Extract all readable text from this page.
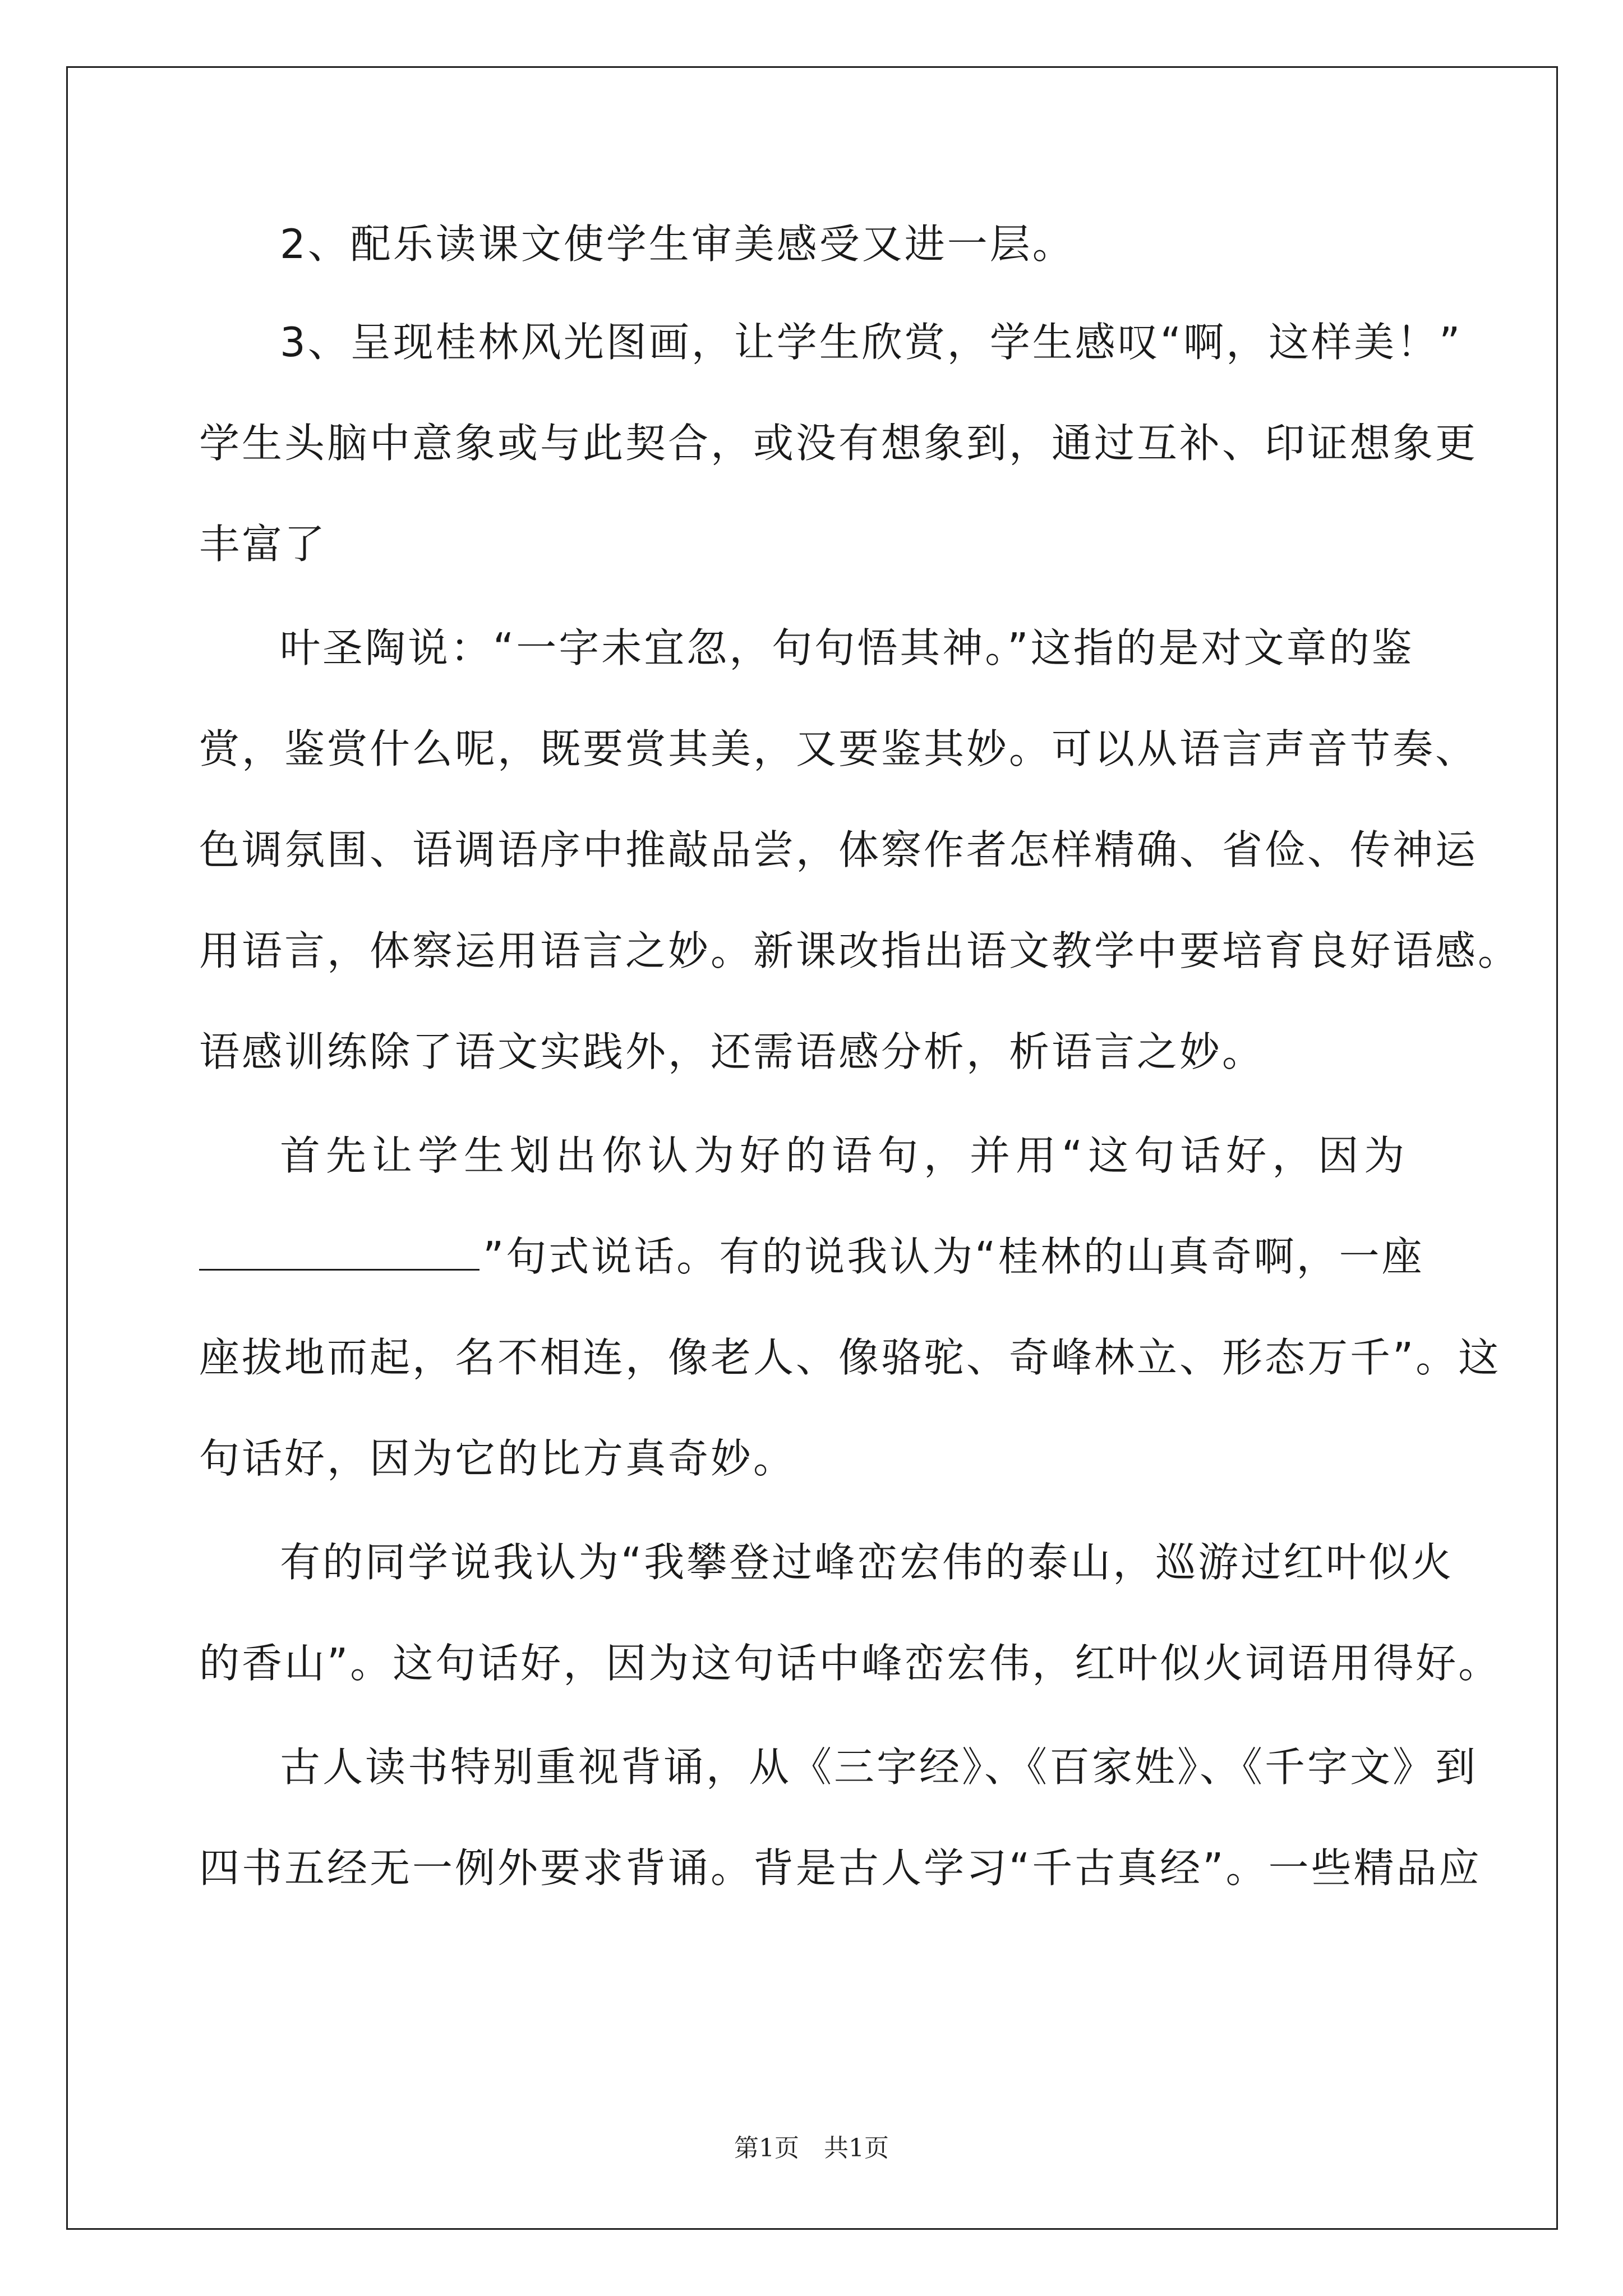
2、配乐读课文使学生审美感受又进一层。
3、呈现桂林风光图画，让学生欣赏，学生感叹“啊，这样美！”
学生头脑中意象或与此契合，或没有想象到，通过互补、印证想象更
丰富了
叶圣陶说：“一字未宜忽，句句悟其神。”这指的是对文章的鉴
赏，鉴赏什么呢，既要赏其美，又要鉴其妙。可以从语言声音节奏、
色调氛围、语调语序中推敲品尝，体察作者怎样精确、省俭、传神运
用语言，体察运用语言之妙。新课改指出语文教学中要培育良好语感。
语感训练除了语文实践外，还需语感分析，析语言之妙。
首先让学生划出你认为好的语句，并用“这句话好，因为
”句式说话。有的说我认为“桂林的山真奇啊，一座
座拔地而起，名不相连，像老人、像骆驼、奇峰林立、形态万千”。这
句话好，因为它的比方真奇妙。
有的同学说我认为“我攀登过峰峦宏伟的泰山，巡游过红叶似火
的香山”。这句话好，因为这句话中峰峦宏伟，红叶似火词语用得好。
古人读书特别重视背诵，从《三字经》、《百家姓》、《千字文》到
四书五经无一例外要求背诵。背是古人学习“千古真经”。一些精品应
第1页　共1页
